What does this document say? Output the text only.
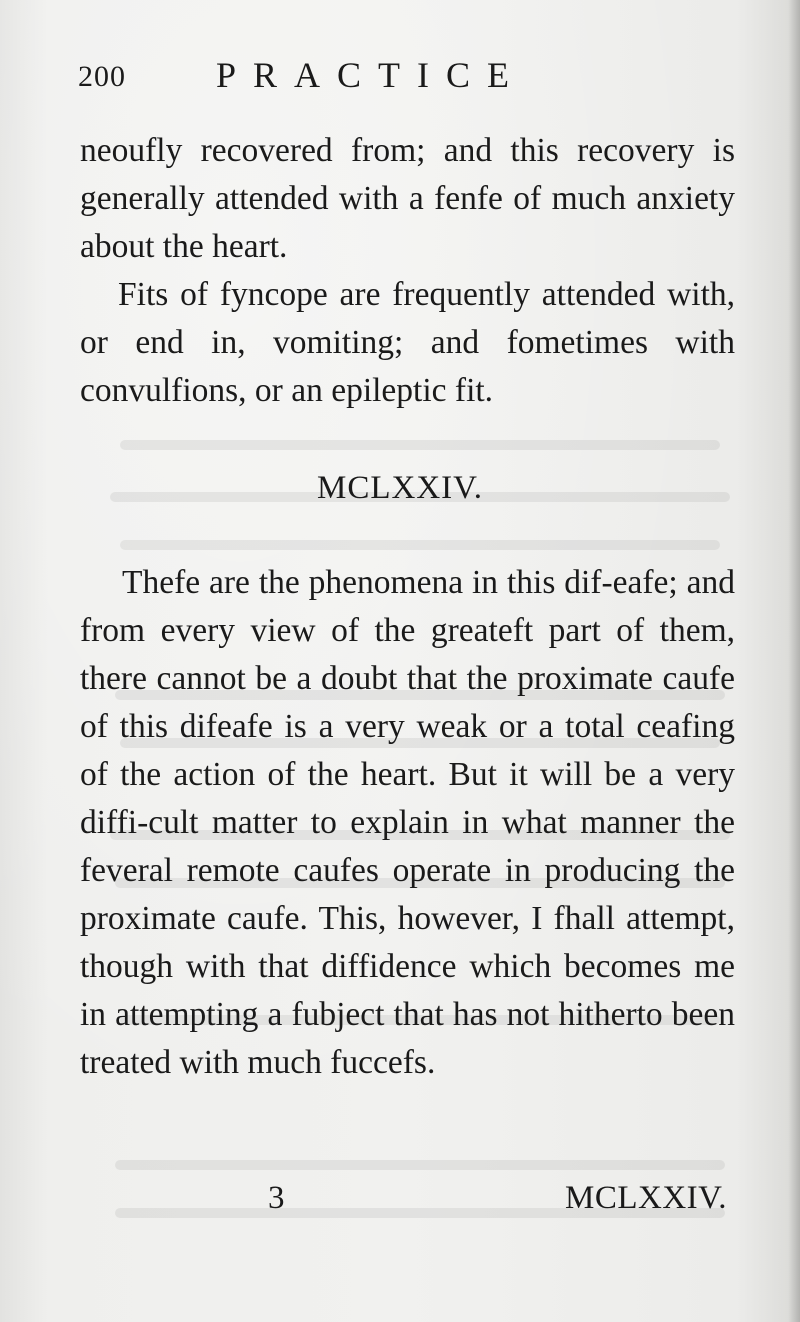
200	PRACTICE

neoufly recovered from; and this recovery is generally attended with a fenfe of much anxiety about the heart.

Fits of fyncope are frequently attended with, or end in, vomiting; and fometimes with convulfions, or an epileptic fit.

MCLXXIV.

Thefe are the phenomena in this dif-eafe; and from every view of the greateft part of them, there cannot be a doubt that the proximate caufe of this difeafe is a very weak or a total ceafing of the action of the heart. But it will be a very diffi-cult matter to explain in what manner the feveral remote caufes operate in producing the proximate caufe. This, however, I fhall attempt, though with that diffidence which becomes me in attempting a fubject that has not hitherto been treated with much fuccefs.

3	MCLXXIV.
